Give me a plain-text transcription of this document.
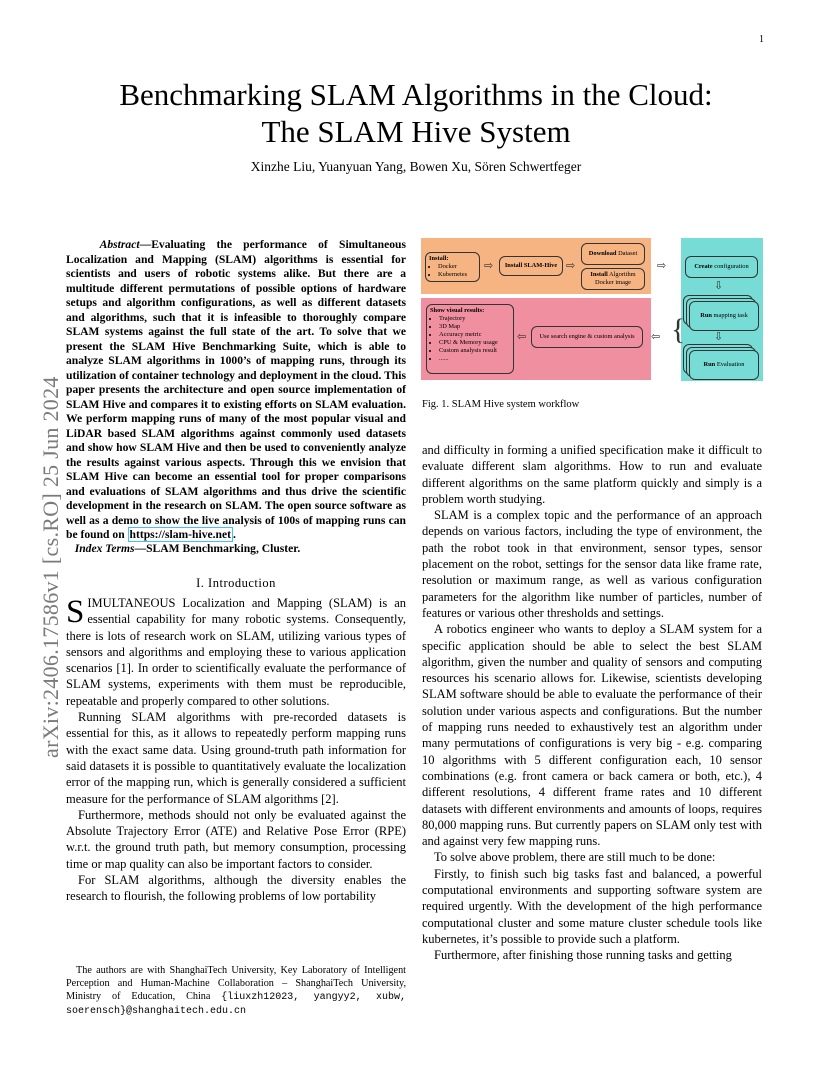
1
arXiv:2406.17586v1 [cs.RO] 25 Jun 2024
Benchmarking SLAM Algorithms in the Cloud:
The SLAM Hive System
Xinzhe Liu, Yuanyuan Yang, Bowen Xu, Sören Schwertfeger
Abstract—Evaluating the performance of Simultaneous Localization and Mapping (SLAM) algorithms is essential for scientists and users of robotic systems alike. But there are a multitude different permutations of possible options of hardware setups and algorithm configurations, as well as different datasets and algorithms, such that it is infeasible to thoroughly compare SLAM systems against the full state of the art. To solve that we present the SLAM Hive Benchmarking Suite, which is able to analyze SLAM algorithms in 1000’s of mapping runs, through its utilization of container technology and deployment in the cloud. This paper presents the architecture and open source implementation of SLAM Hive and compares it to existing efforts on SLAM evaluation. We perform mapping runs of many of the most popular visual and LiDAR based SLAM algorithms against commonly used datasets and show how SLAM Hive and then be used to conveniently analyze the results against various aspects. Through this we envision that SLAM Hive can become an essential tool for proper comparisons and evaluations of SLAM algorithms and thus drive the scientific development in the research on SLAM. The open source software as well as a demo to show the live analysis of 100s of mapping runs can be found on https://slam-hive.net .
Index Terms—SLAM Benchmarking, Cluster.
I. Introduction

SIMULTANEOUS Localization and Mapping (SLAM) is an essential capability for many robotic systems. Consequently, there is lots of research work on SLAM, utilizing various types of sensors and algorithms and employing these to various application scenarios [1]. In order to scientifically evaluate the performance of SLAM systems, experiments with them must be reproducible, repeatable and properly compared to other solutions.

Running SLAM algorithms with pre-recorded datasets is essential for this, as it allows to repeatedly perform mapping runs with the exact same data. Using ground-truth path information for said datasets it is possible to quantitatively evaluate the localization error of the mapping run, which is generally considered a sufficient measure for the performance of SLAM algorithms [2].

Furthermore, methods should not only be evaluated against the Absolute Trajectory Error (ATE) and Relative Pose Error (RPE) w.r.t. the ground truth path, but memory consumption, processing time or map quality can also be important factors to consider.

For SLAM algorithms, although the diversity enables the research to flourish, the following problems of low portability

The authors are with ShanghaiTech University, Key Laboratory of Intelligent Perception and Human-Machine Collaboration – ShanghaiTech University, Ministry of Education, China {liuxzh12023, yangyy2, xubw, soerensch}@shanghaitech.edu.cn
Install:
• Docker
• Kubernetes
⇨ Install SLAM-Hive ⇨
Download Dataset
Install Algorithm Docker image
⇨	Create configuration
⇩
Run mapping task
⇩
Run Evaluation
{
Show visual results:
• Trajectory
• 3D Map
• Accuracy metric
• CPU & Memory usage
• Custom analysis result
• ......
⇦ Use search engine & custom analysis ⇦
Fig. 1. SLAM Hive system workflow

and difficulty in forming a unified specification make it difficult to evaluate different slam algorithms. How to run and evaluate different algorithms on the same platform quickly and simply is a problem worth studying.

SLAM is a complex topic and the performance of an approach depends on various factors, including the type of environment, the path the robot took in that environment, sensor types, sensor placement on the robot, settings for the sensor data like frame rate, resolution or maximum range, as well as various configuration parameters for the algorithm like number of particles, number of features or various other thresholds and settings.

A robotics engineer who wants to deploy a SLAM system for a specific application should be able to select the best SLAM algorithm, given the number and quality of sensors and computing resources his scenario allows for. Likewise, scientists developing SLAM software should be able to evaluate the performance of their solution under various aspects and configurations. But the number of mapping runs needed to exhaustively test an algorithm under many permutations of configurations is very big - e.g. comparing 10 algorithms with 5 different configuration each, 10 sensor combinations (e.g. front camera or back camera or both, etc.), 4 different resolutions, 4 different frame rates and 10 different datasets with different environments and amounts of loops, requires 80,000 mapping runs. But currently papers on SLAM only test with and against very few mapping runs.

To solve above problem, there are still much to be done:

Firstly, to finish such big tasks fast and balanced, a powerful computational environments and supporting software system are required urgently. With the development of the high performance computational cluster and some mature cluster schedule tools like kubernetes, it’s possible to provide such a platform.

Furthermore, after finishing those running tasks and getting
